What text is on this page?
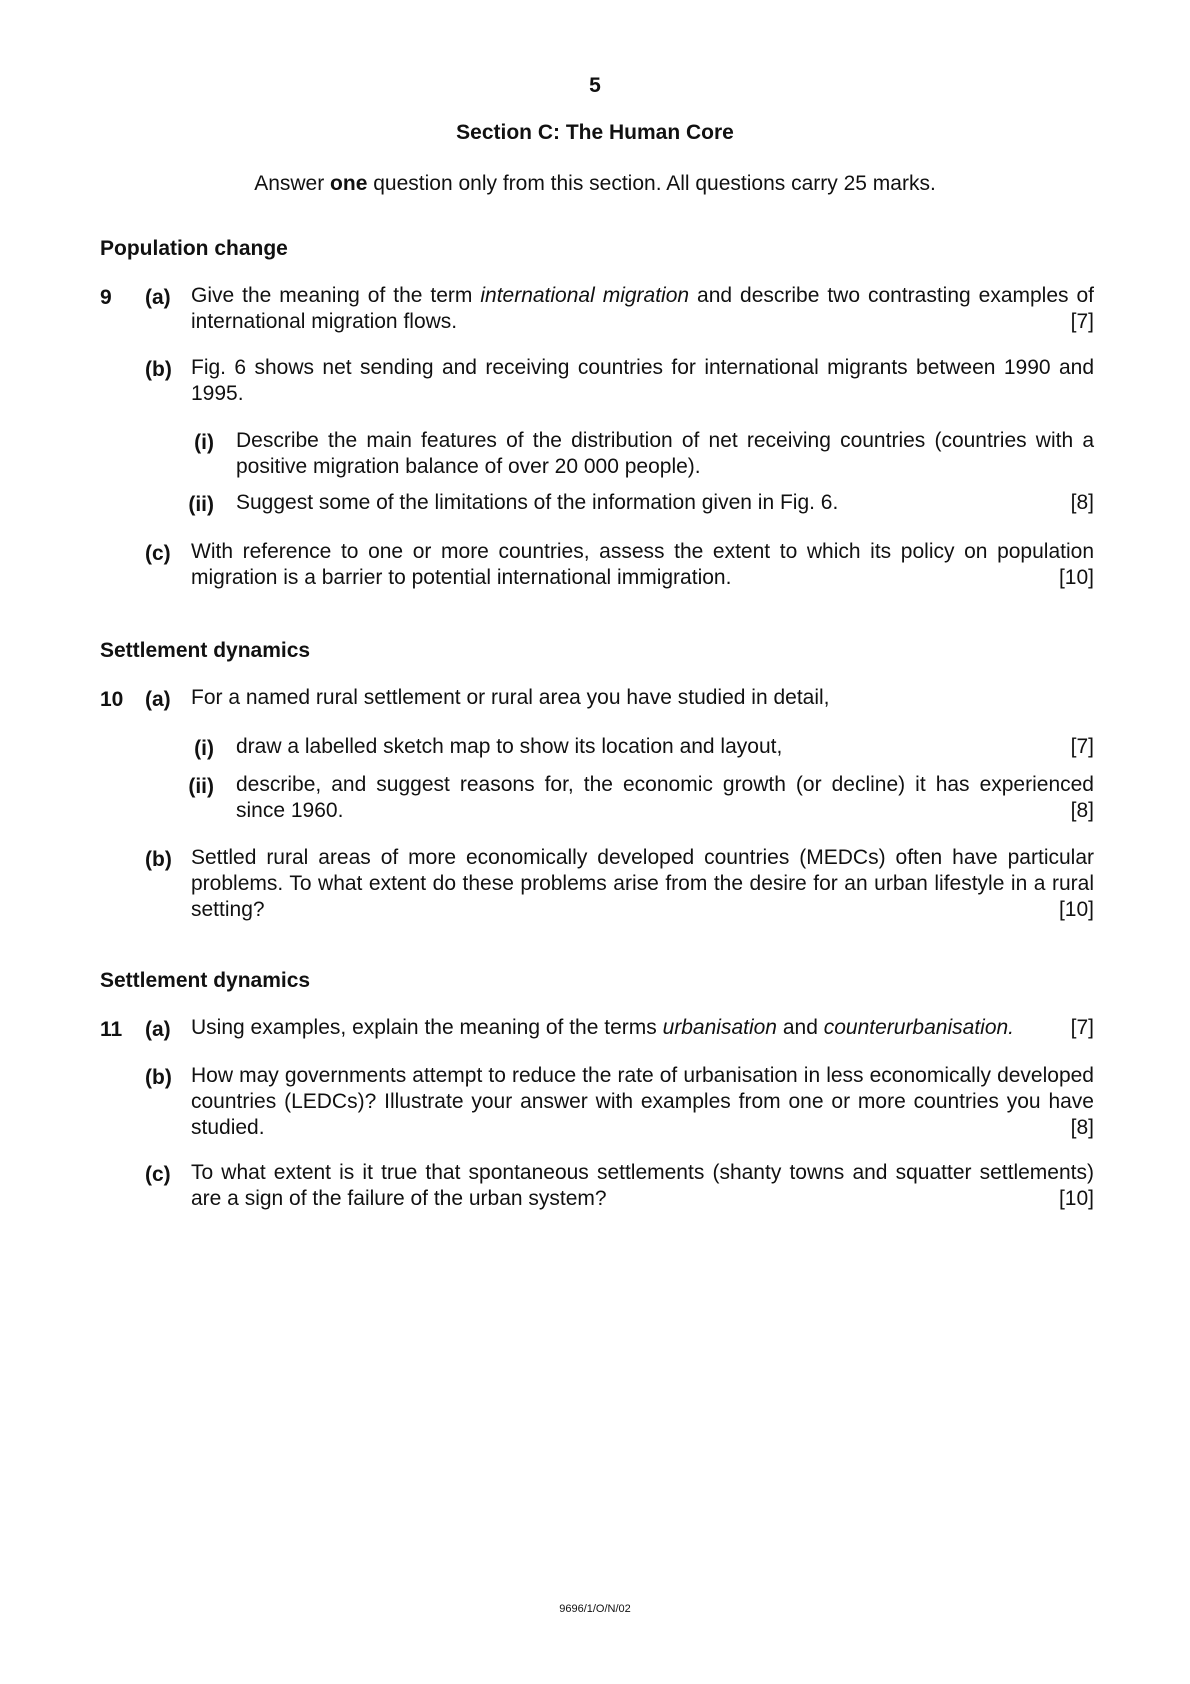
5
Section C: The Human Core
Answer one question only from this section. All questions carry 25 marks.
Population change
9 (a) Give the meaning of the term international migration and describe two contrasting examples of international migration flows.	[7]
(b) Fig. 6 shows net sending and receiving countries for international migrants between 1990 and 1995.
(i) Describe the main features of the distribution of net receiving countries (countries with a positive migration balance of over 20 000 people).
(ii) Suggest some of the limitations of the information given in Fig. 6.	[8]
(c) With reference to one or more countries, assess the extent to which its policy on population migration is a barrier to potential international immigration.	[10]
Settlement dynamics
10 (a) For a named rural settlement or rural area you have studied in detail,
(i) draw a labelled sketch map to show its location and layout,	[7]
(ii) describe, and suggest reasons for, the economic growth (or decline) it has experienced since 1960.	[8]
(b) Settled rural areas of more economically developed countries (MEDCs) often have particular problems. To what extent do these problems arise from the desire for an urban lifestyle in a rural setting?	[10]
Settlement dynamics
11 (a) Using examples, explain the meaning of the terms urbanisation and counterurbanisation.	[7]
(b) How may governments attempt to reduce the rate of urbanisation in less economically developed countries (LEDCs)? Illustrate your answer with examples from one or more countries you have studied.	[8]
(c) To what extent is it true that spontaneous settlements (shanty towns and squatter settlements) are a sign of the failure of the urban system?	[10]
9696/1/O/N/02
